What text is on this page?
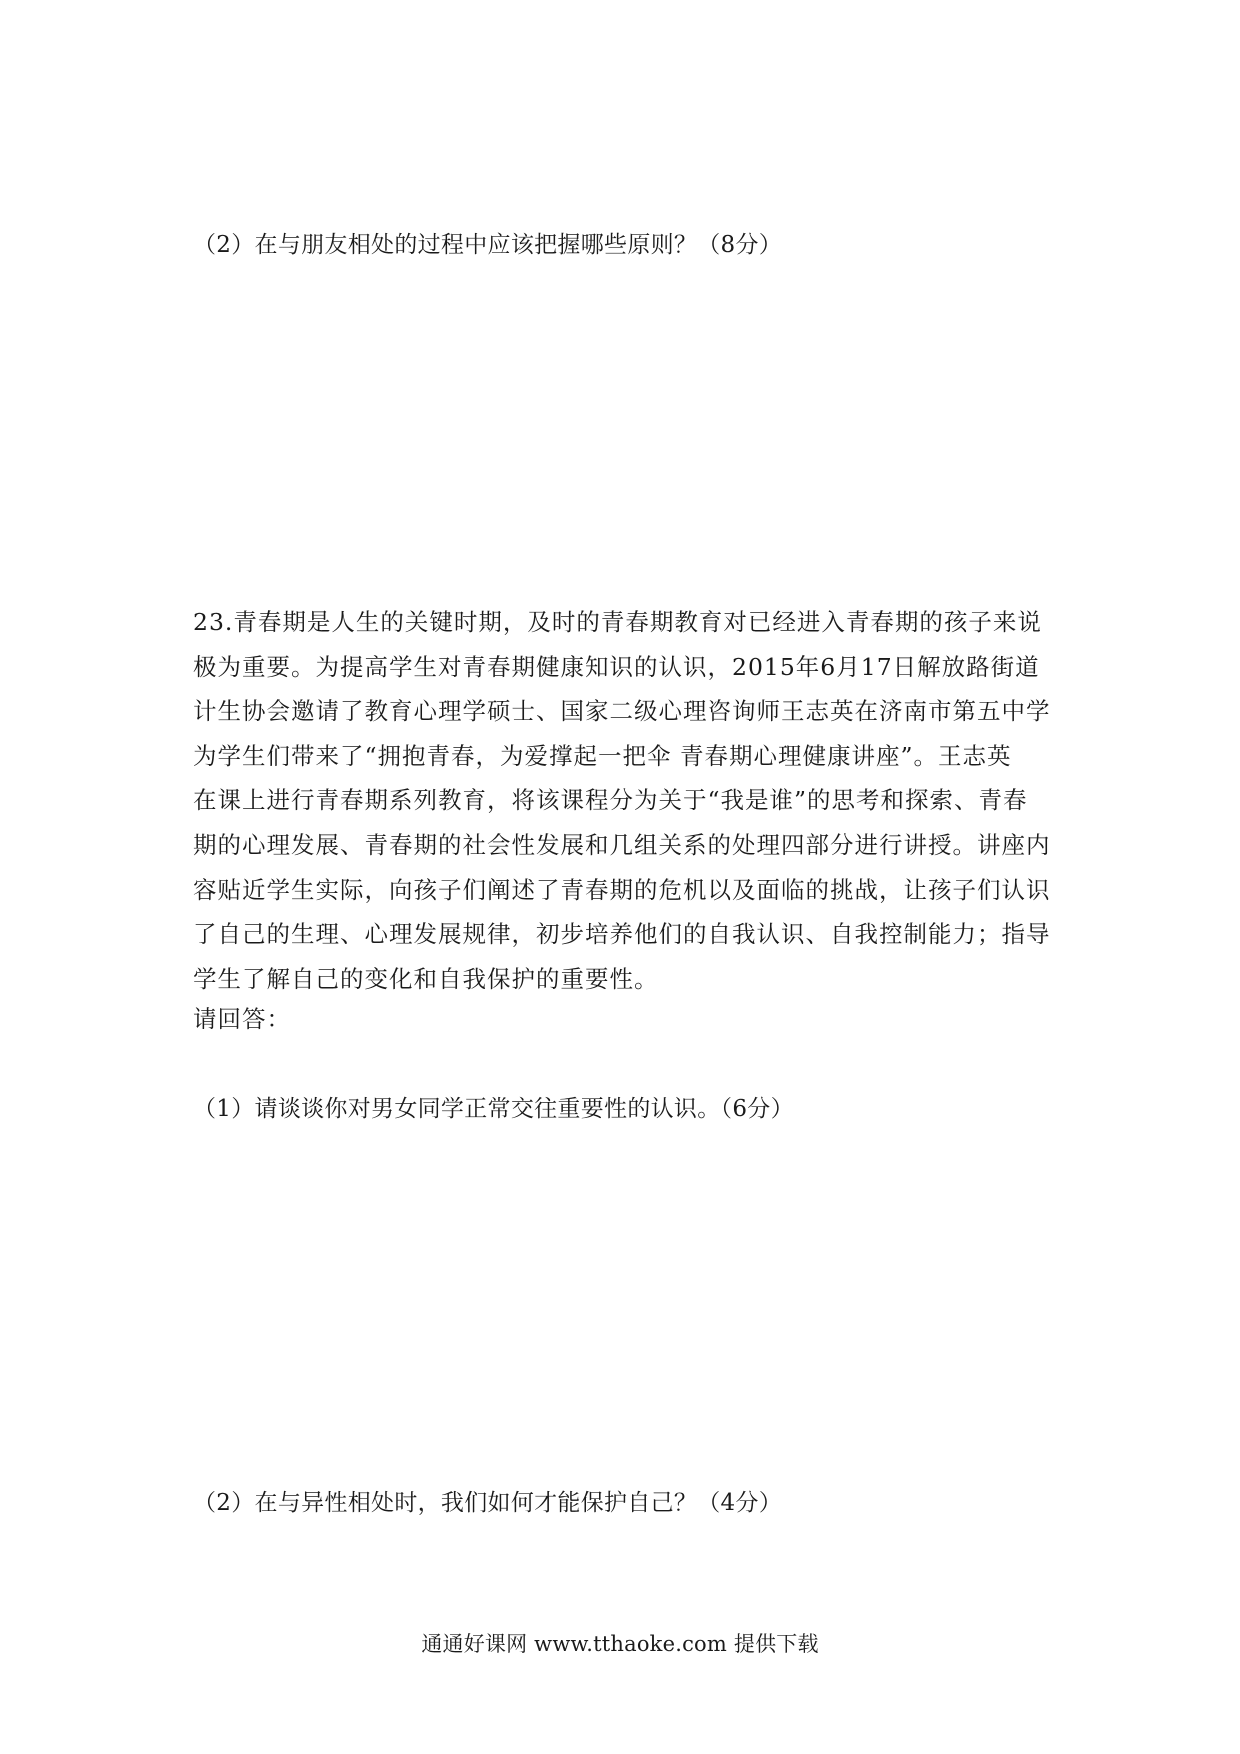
（2）在与朋友相处的过程中应该把握哪些原则？（8分）
23.青春期是人生的关键时期，及时的青春期教育对已经进入青春期的孩子来说
极为重要。为提高学生对青春期健康知识的认识，2015年6月17日解放路街道
计生协会邀请了教育心理学硕士、国家二级心理咨询师王志英在济南市第五中学
为学生们带来了“拥抱青春，为爱撑起一把伞 青春期心理健康讲座”。王志英
在课上进行青春期系列教育，将该课程分为关于“我是谁”的思考和探索、青春
期的心理发展、青春期的社会性发展和几组关系的处理四部分进行讲授。讲座内
容贴近学生实际，向孩子们阐述了青春期的危机以及面临的挑战，让孩子们认识
了自己的生理、心理发展规律，初步培养他们的自我认识、自我控制能力；指导
学生了解自己的变化和自我保护的重要性。
请回答：
（1）请谈谈你对男女同学正常交往重要性的认识。（6分）
（2）在与异性相处时，我们如何才能保护自己？（4分）
通通好课网 www.tthaoke.com 提供下载
